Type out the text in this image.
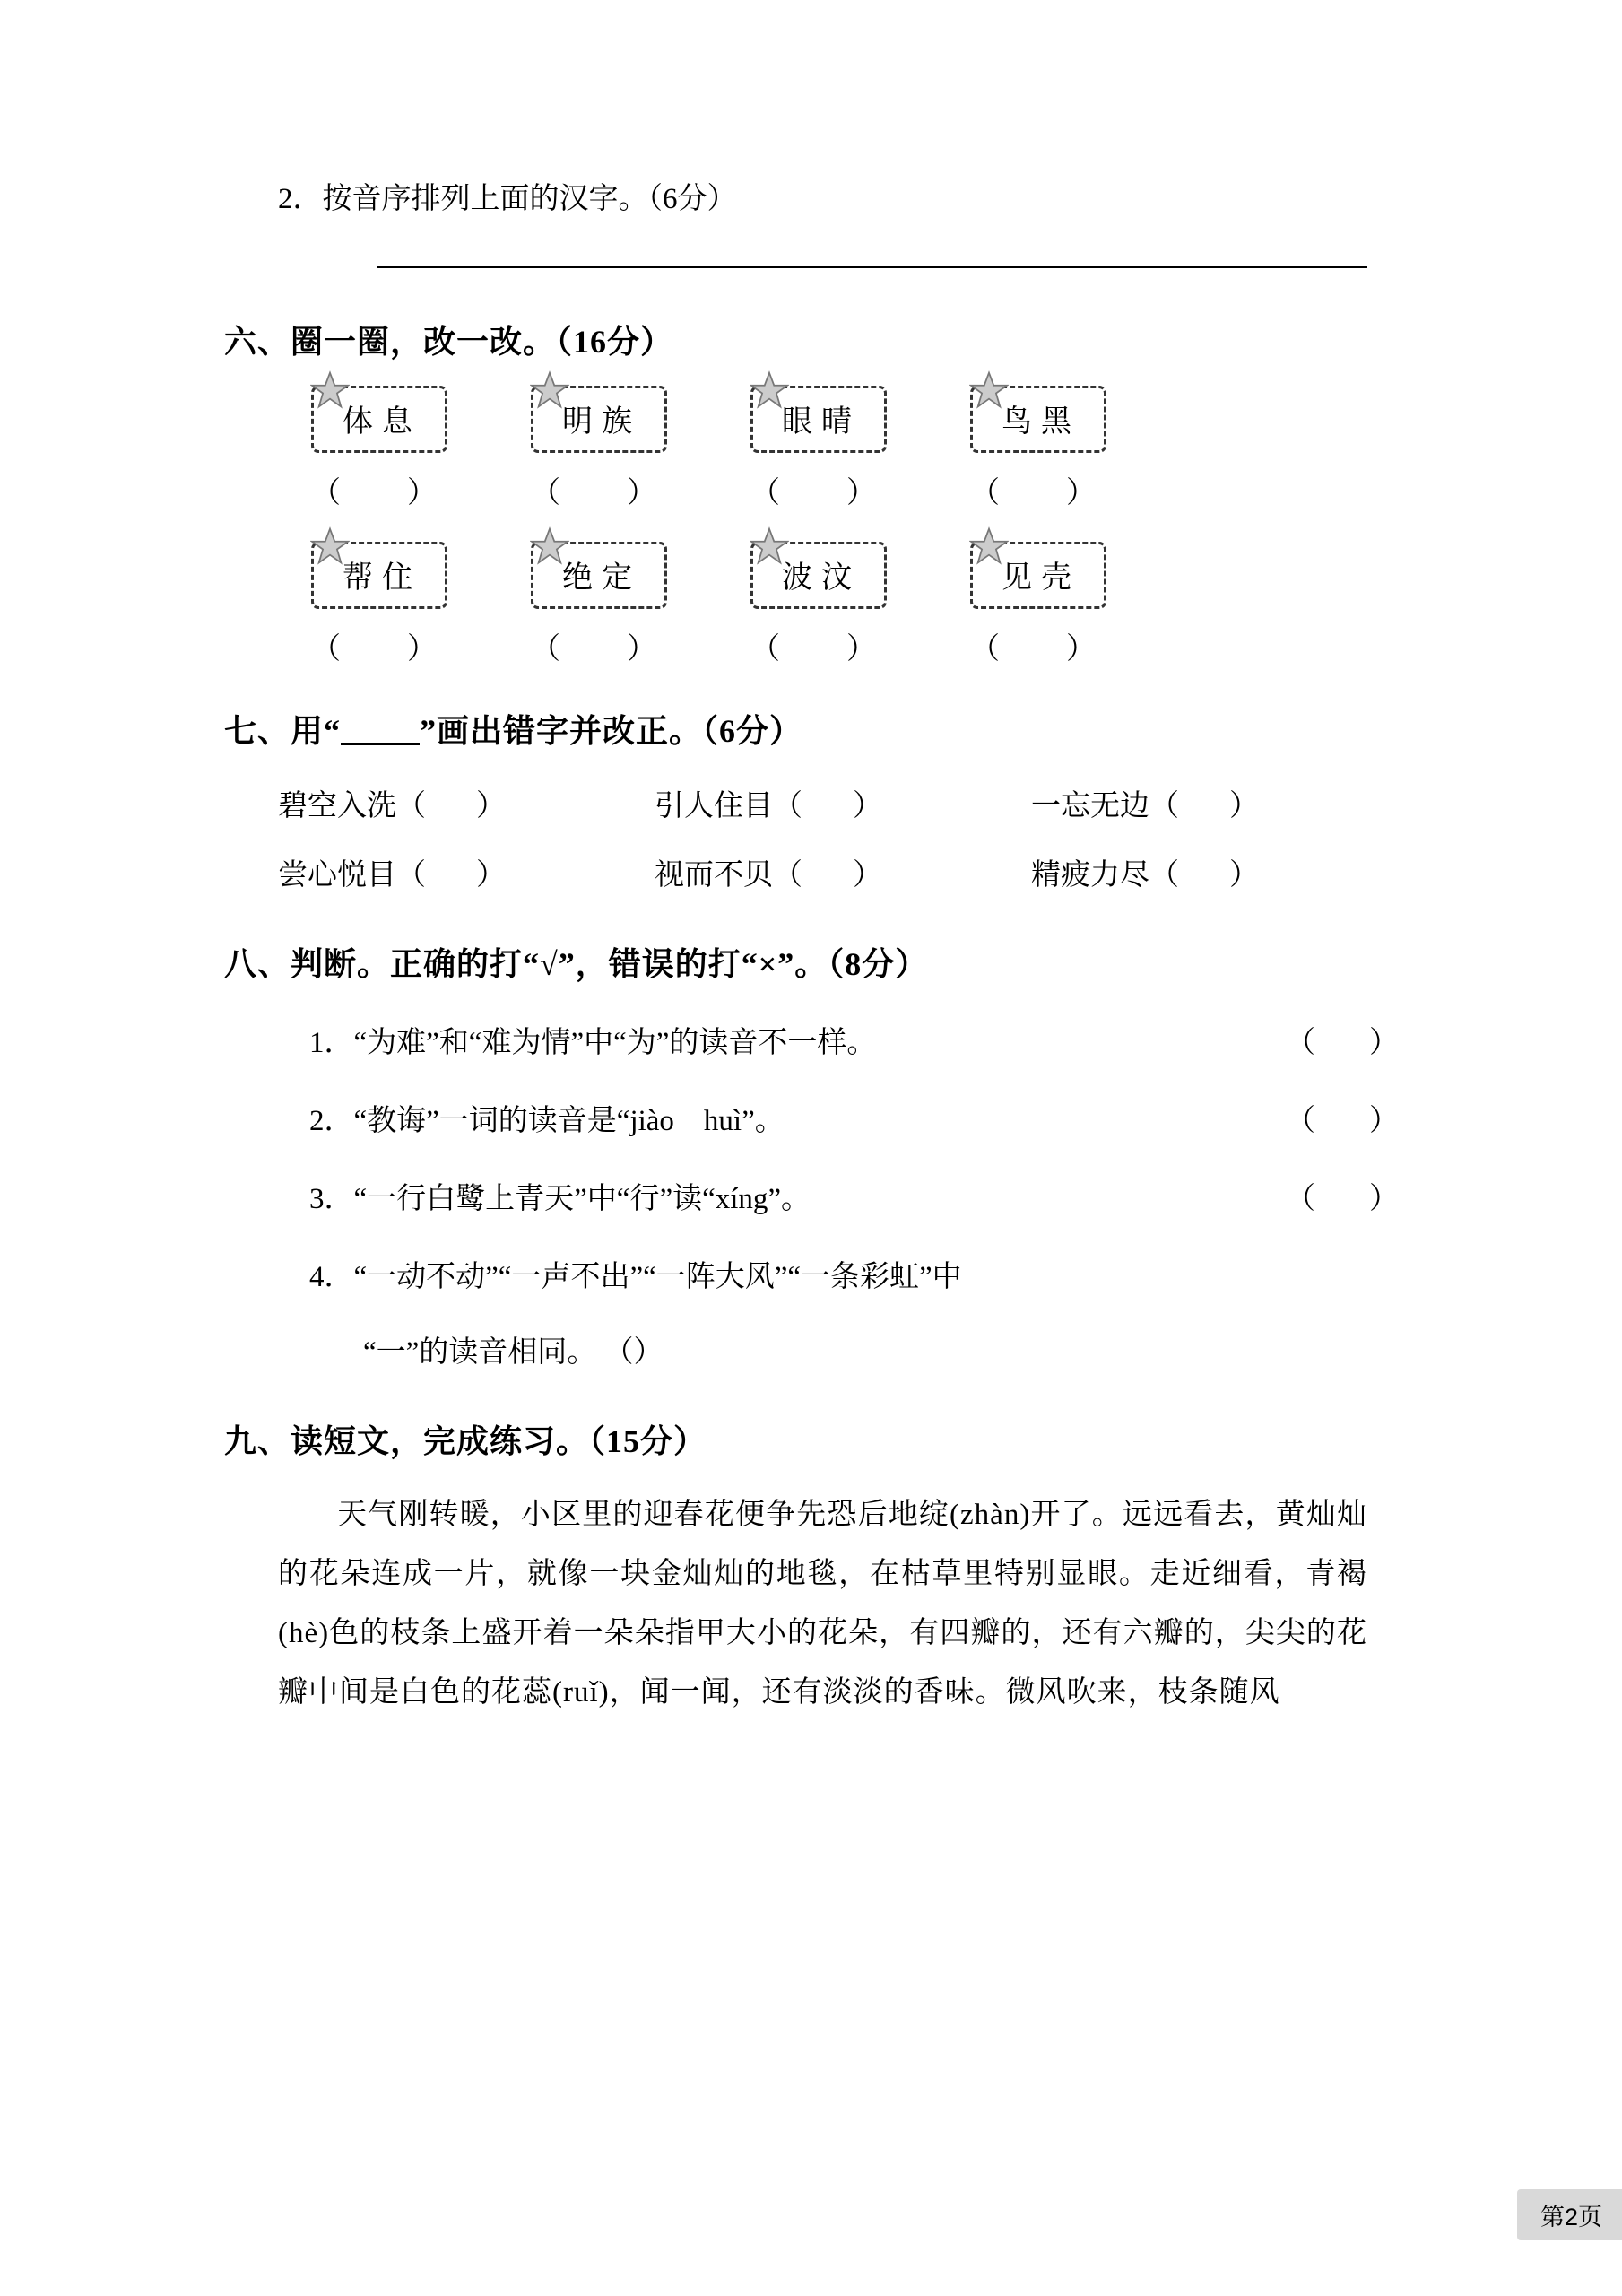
2．按音序排列上面的汉字。（6分）
六、圈一圈，改一改。（16分）
体息	明族	眼晴	鸟黑
（ ）	（ ）	（ ）	（ ）
帮住	绝定	波汶	见壳
（ ）	（ ）	（ ）	（ ）
七、用“ ”画出错字并改正。（6分）
碧空入洗（ ）	引人住目（ ）	一忘无边（ ）
尝心悦目（ ）	视而不贝（ ）	精疲力尽（ ）
八、判断。正确的打“√”，错误的打“×”。（8分）
1．“为难”和“难为情”中“为”的读音不一样。	（ ）
2．“教诲”一词的读音是“jiào　huì”。	（ ）
3．“一行白鹭上青天”中“行”读“xíng”。	（ ）
4．“一动不动”“一声不出”“一阵大风”“一条彩虹”中
“一”的读音相同。 （）
九、读短文，完成练习。（15分）

天气刚转暖，小区里的迎春花便争先恐后地绽(zhàn)开了。远远看去，黄灿灿的花朵连成一片，就像一块金灿灿的地毯，在枯草里特别显眼。走近细看，青褐(hè)色的枝条上盛开着一朵朵指甲大小的花朵，有四瓣的，还有六瓣的，尖尖的花瓣中间是白色的花蕊(ruǐ)，闻一闻，还有淡淡的香味。微风吹来，枝条随风

第2页
